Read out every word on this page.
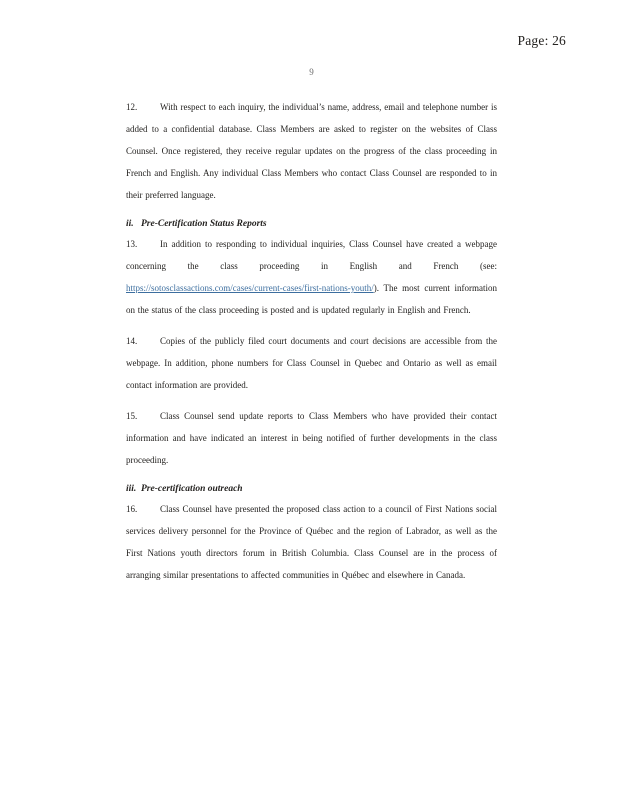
Page: 26
9

12.	With respect to each inquiry, the individual’s name, address, email and telephone number is added to a confidential database. Class Members are asked to register on the websites of Class Counsel. Once registered, they receive regular updates on the progress of the class proceeding in French and English. Any individual Class Members who contact Class Counsel are responded to in their preferred language.

ii. Pre-Certification Status Reports

13.	In addition to responding to individual inquiries, Class Counsel have created a webpage concerning the class proceeding in English and French (see: https://sotosclassactions.com/cases/current-cases/first-nations-youth/). The most current information on the status of the class proceeding is posted and is updated regularly in English and French.

14.	Copies of the publicly filed court documents and court decisions are accessible from the webpage. In addition, phone numbers for Class Counsel in Quebec and Ontario as well as email contact information are provided.

15.	Class Counsel send update reports to Class Members who have provided their contact information and have indicated an interest in being notified of further developments in the class proceeding.

iii. Pre-certification outreach

16.	Class Counsel have presented the proposed class action to a council of First Nations social services delivery personnel for the Province of Québec and the region of Labrador, as well as the First Nations youth directors forum in British Columbia. Class Counsel are in the process of arranging similar presentations to affected communities in Québec and elsewhere in Canada.
